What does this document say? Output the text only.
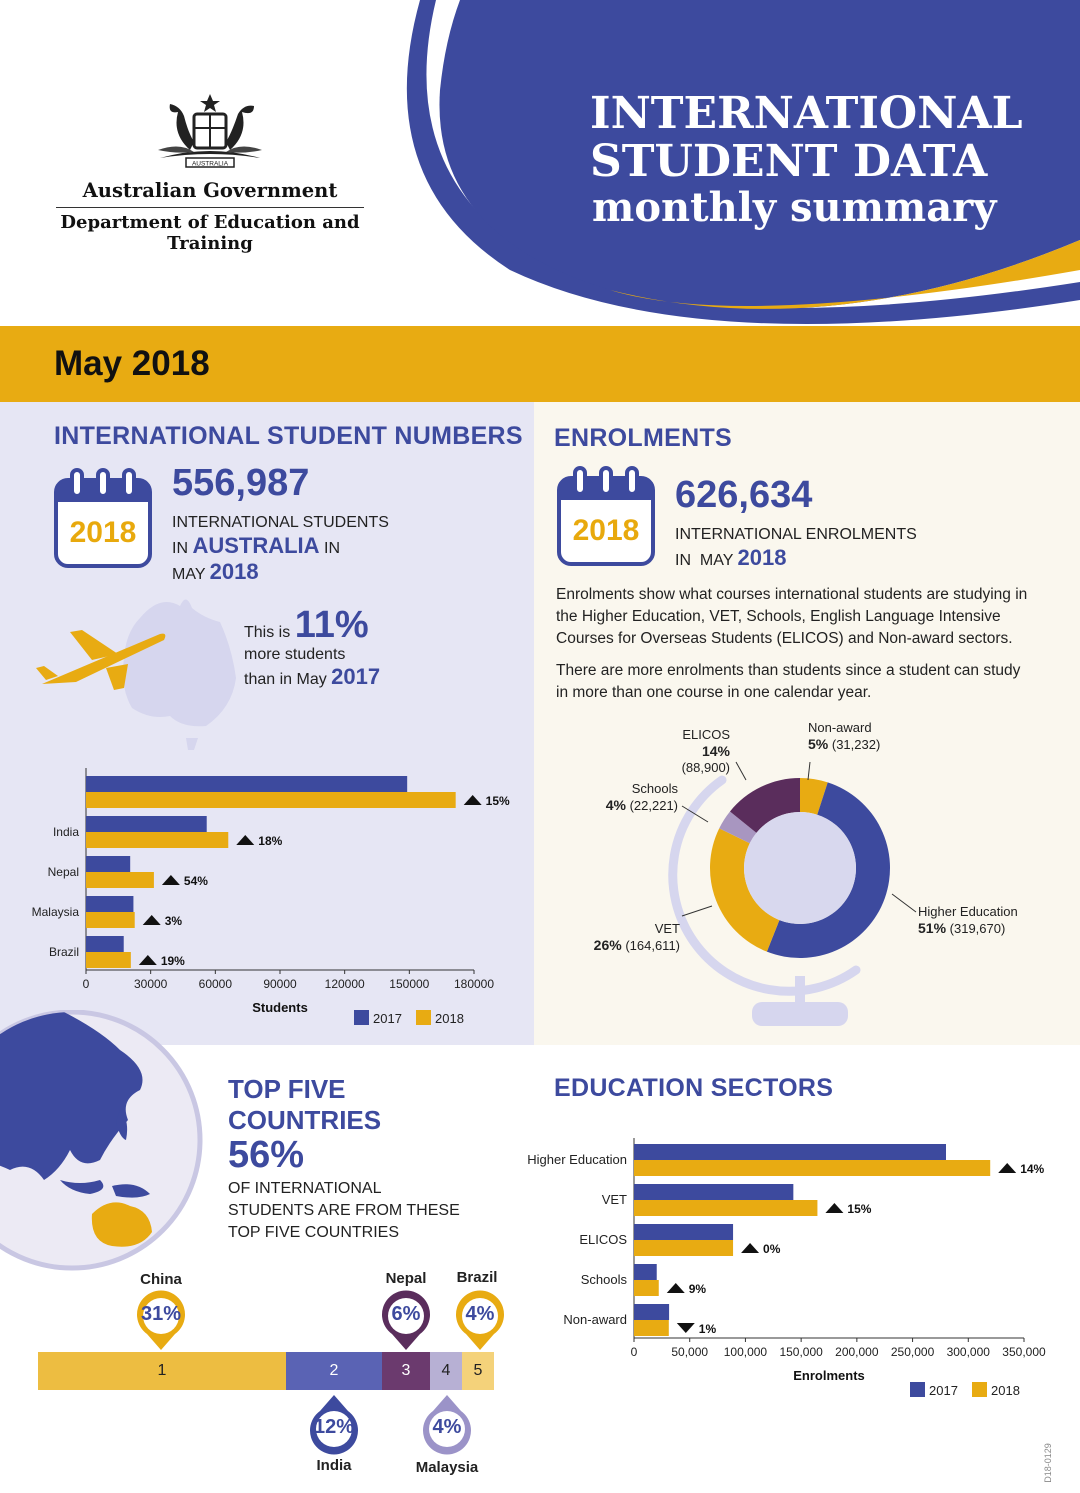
AUSTRALIA
Australian Government
Department of Education and Training
INTERNATIONAL
STUDENT DATA
monthly summary
May 2018
INTERNATIONAL STUDENT NUMBERS
2018
556,987
INTERNATIONAL STUDENTS
IN AUSTRALIA IN
MAY 2018
This is 11%
more students
than in May 2017
15%
India
18%
Nepal
54%
Malaysia
3%
Brazil
19%
0	30000	60000	90000 120000 150000 180000
Students
2017	2018
ENROLMENTS
2018
626,634
INTERNATIONAL ENROLMENTS
IN MAY 2018
Enrolments show what courses international students are studying in the Higher Education, VET, Schools, English Language Intensive Courses for Overseas Students (ELICOS) and Non-award sectors.
There are more enrolments than students since a student can study in more than one course in one calendar year.
ELICOS
14% (88,900)
Non-award
5% (31,232)
Schools
4% (22,221)
VET
26% (164,611)
Higher Education
51% (319,670)
TOP FIVE
COUNTRIES
56%
OF INTERNATIONAL
STUDENTS ARE FROM THESE
TOP FIVE COUNTRIES
1	2	3	4	5
31%
China
6%
Nepal
4%
Brazil
12%
India
4%
Malaysia
EDUCATION SECTORS
Higher Education
14%
VET
15%
ELICOS
0%
Schools
9%
Non-award
1%
0	50,000 100,000 150,000 200,000 250,000 300,000 350,000
Enrolments
2017	2018
D18-0129
